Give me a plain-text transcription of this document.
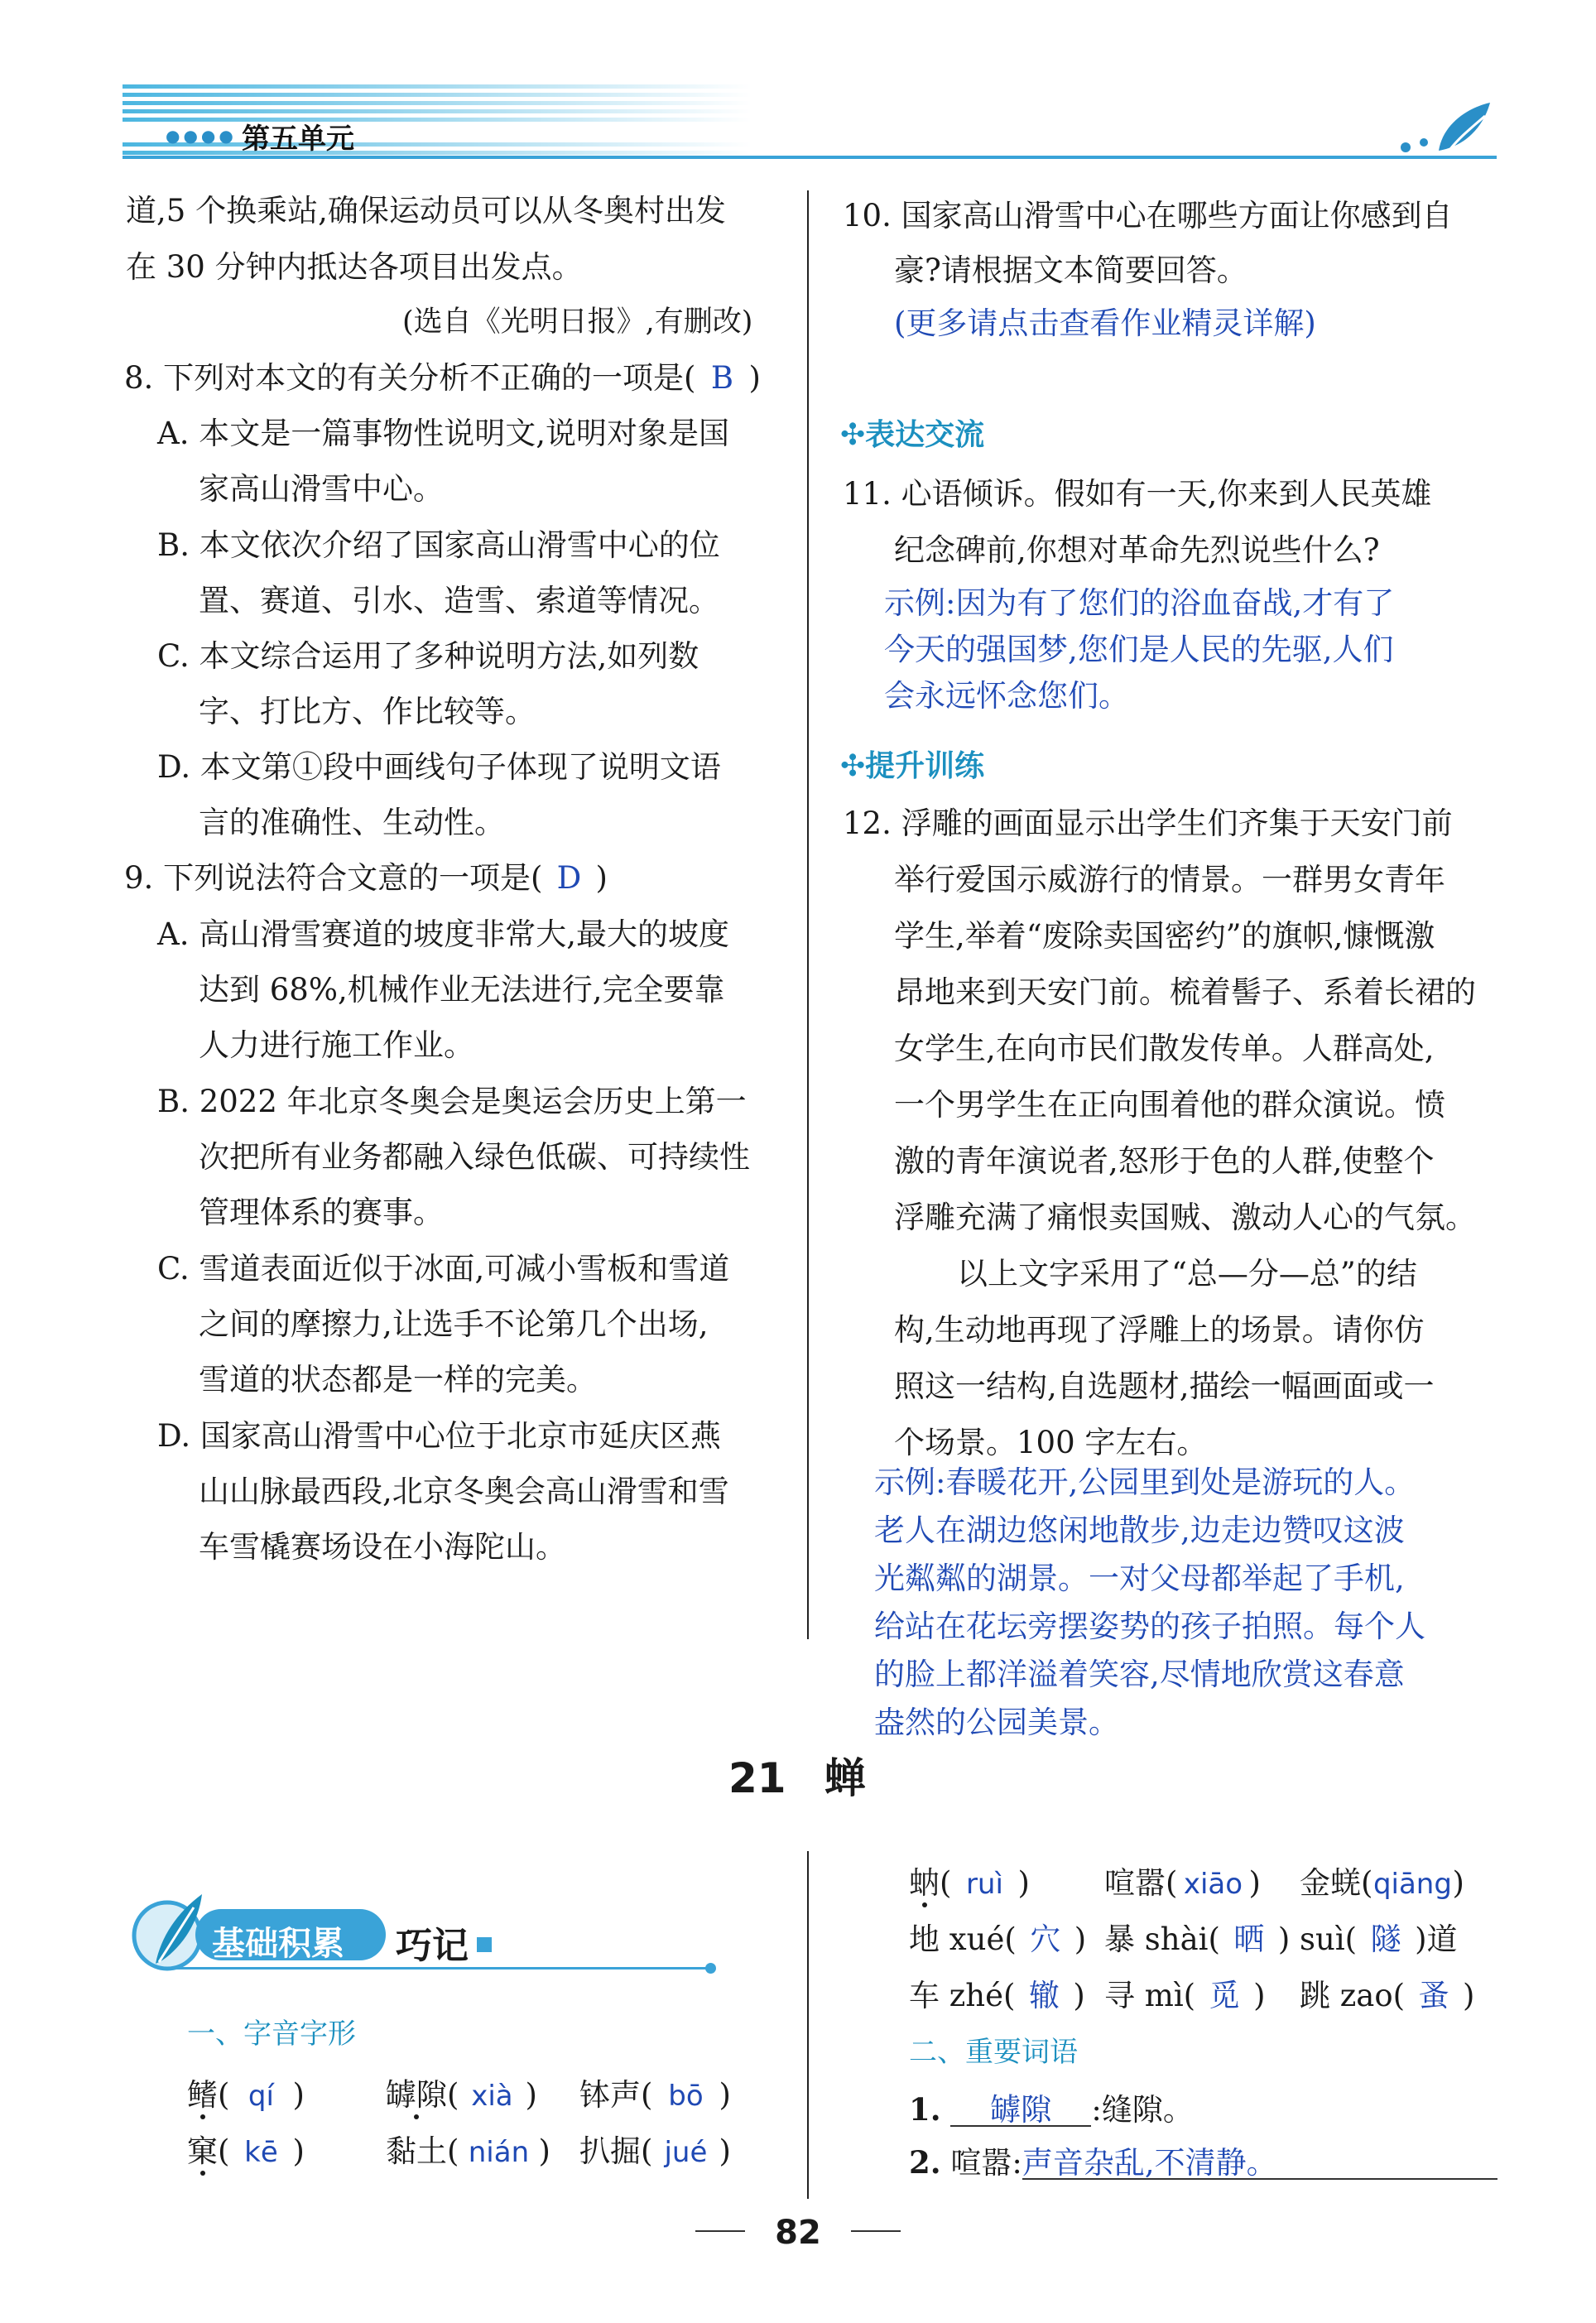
●●●● 第五单元
道,5 个换乘站,确保运动员可以从冬奥村出发
在 30 分钟内抵达各项目出发点。
(选自《光明日报》,有删改)
8. 下列对本文的有关分析不正确的一项是( B )
A. 本文是一篇事物性说明文,说明对象是国
家高山滑雪中心。
B. 本文依次介绍了国家高山滑雪中心的位
置、赛道、引水、造雪、索道等情况。
C. 本文综合运用了多种说明方法,如列数
字、打比方、作比较等。
D. 本文第①段中画线句子体现了说明文语
言的准确性、生动性。
9. 下列说法符合文意的一项是( D )
A. 高山滑雪赛道的坡度非常大,最大的坡度
达到 68%,机械作业无法进行,完全要靠
人力进行施工作业。
B. 2022 年北京冬奥会是奥运会历史上第一
次把所有业务都融入绿色低碳、可持续性
管理体系的赛事。
C. 雪道表面近似于冰面,可减小雪板和雪道
之间的摩擦力,让选手不论第几个出场,
雪道的状态都是一样的完美。
D. 国家高山滑雪中心位于北京市延庆区燕
山山脉最西段,北京冬奥会高山滑雪和雪
车雪橇赛场设在小海陀山。
10. 国家高山滑雪中心在哪些方面让你感到自
豪?请根据文本简要回答。
(更多请点击查看作业精灵详解)
✣表达交流
11. 心语倾诉。假如有一天,你来到人民英雄
纪念碑前,你想对革命先烈说些什么?
示例:因为有了您们的浴血奋战,才有了
今天的强国梦,您们是人民的先驱,人们
会永远怀念您们。
✣提升训练
12. 浮雕的画面显示出学生们齐集于天安门前
举行爱国示威游行的情景。一群男女青年
学生,举着“废除卖国密约”的旗帜,慷慨激
昂地来到天安门前。梳着髻子、系着长裙的
女学生,在向市民们散发传单。人群高处,
一个男学生在正向围着他的群众演说。愤
激的青年演说者,怒形于色的人群,使整个
浮雕充满了痛恨卖国贼、激动人心的气氛。
以上文字采用了“总—分—总”的结
构,生动地再现了浮雕上的场景。请你仿
照这一结构,自选题材,描绘一幅画面或一
个场景。100 字左右。
示例:春暖花开,公园里到处是游玩的人。
老人在湖边悠闲地散步,边走边赞叹这波
光粼粼的湖景。一对父母都举起了手机,
给站在花坛旁摆姿势的孩子拍照。每个人
的脸上都洋溢着笑容,尽情地欣赏这春意
盎然的公园美景。
21 蝉
基础积累 巧记
一、字音字形
鳍( qí )	罅隙( xià ) 钵声( bō )
窠( kē )	黏土( nián ) 扒掘( jué )
蚋( ruì ) 喧嚣( xiāo ) 金蜣(qiāng)
地 xué( 穴 ) 暴 shài( 晒 ) suì( 隧 )道
车 zhé( 辙 ) 寻 mì( 觅 ) 跳 zao( 蚤 )
二、重要词语
1. 罅隙 :缝隙。
2. 喧嚣:声音杂乱,不清静。
82
